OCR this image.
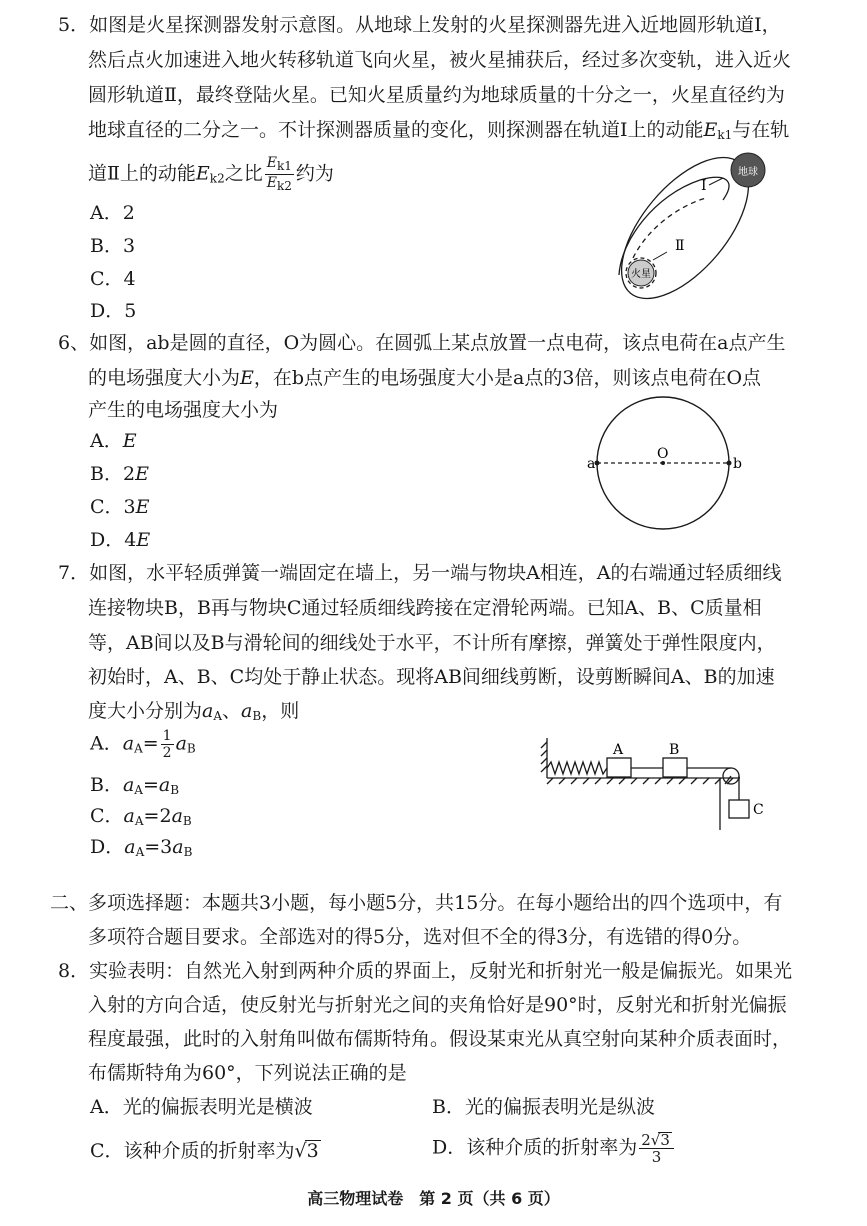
5．如图是火星探测器发射示意图。从地球上发射的火星探测器先进入近地圆形轨道Ⅰ，
然后点火加速进入地火转移轨道飞向火星，被火星捕获后，经过多次变轨，进入近火
圆形轨道Ⅱ，最终登陆火星。已知火星质量约为地球质量的十分之一，火星直径约为
地球直径的二分之一。不计探测器质量的变化，则探测器在轨道Ⅰ上的动能$E_{k1}$与在轨
道Ⅱ上的动能$E_{k2}$之比 $\frac{E_{k1}}{E_{k2}}$ 约为
A．2
B．3
C．4
D．5
地球
火星
Ⅰ
Ⅱ
6、如图，ab是圆的直径，O为圆心。在圆弧上某点放置一点电荷，该点电荷在a点产生
的电场强度大小为E，在b点产生的电场强度大小是a点的3倍，则该点电荷在O点
产生的电场强度大小为
A．E
B．2E
C．3E
D．4E
a	b
O
7．如图，水平轻质弹簧一端固定在墙上，另一端与物块A相连，A的右端通过轻质细线
连接物块B，B再与物块C通过轻质细线跨接在定滑轮两端。已知A、B、C质量相
等，AB间以及B与滑轮间的细线处于水平，不计所有摩擦，弹簧处于弹性限度内，
初始时，A、B、C均处于静止状态。现将AB间细线剪断，设剪断瞬间A、B的加速
度大小分别为$a_A$、$a_B$，则
A．$a_A= \frac{1}{2} a_B$
B．$a_A=a_B$
C．$a_A=2a_B$
D．$a_A=3a_B$
A	B
C
二、多项选择题：本题共3小题，每小题5分，共15分。在每小题给出的四个选项中，有
多项符合题目要求。全部选对的得5分，选对但不全的得3分，有选错的得0分。
8．实验表明：自然光入射到两种介质的界面上，反射光和折射光一般是偏振光。如果光
入射的方向合适，使反射光与折射光之间的夹角恰好是90°时，反射光和折射光偏振
程度最强，此时的入射角叫做布儒斯特角。假设某束光从真空射向某种介质表面时，
布儒斯特角为60°，下列说法正确的是
A．光的偏振表明光是横波	B．光的偏振表明光是纵波
C．该种介质的折射率为√3	D．该种介质的折射率为 $\frac{2√3}{3}$
高三物理试卷　第 2 页（共 6 页）
